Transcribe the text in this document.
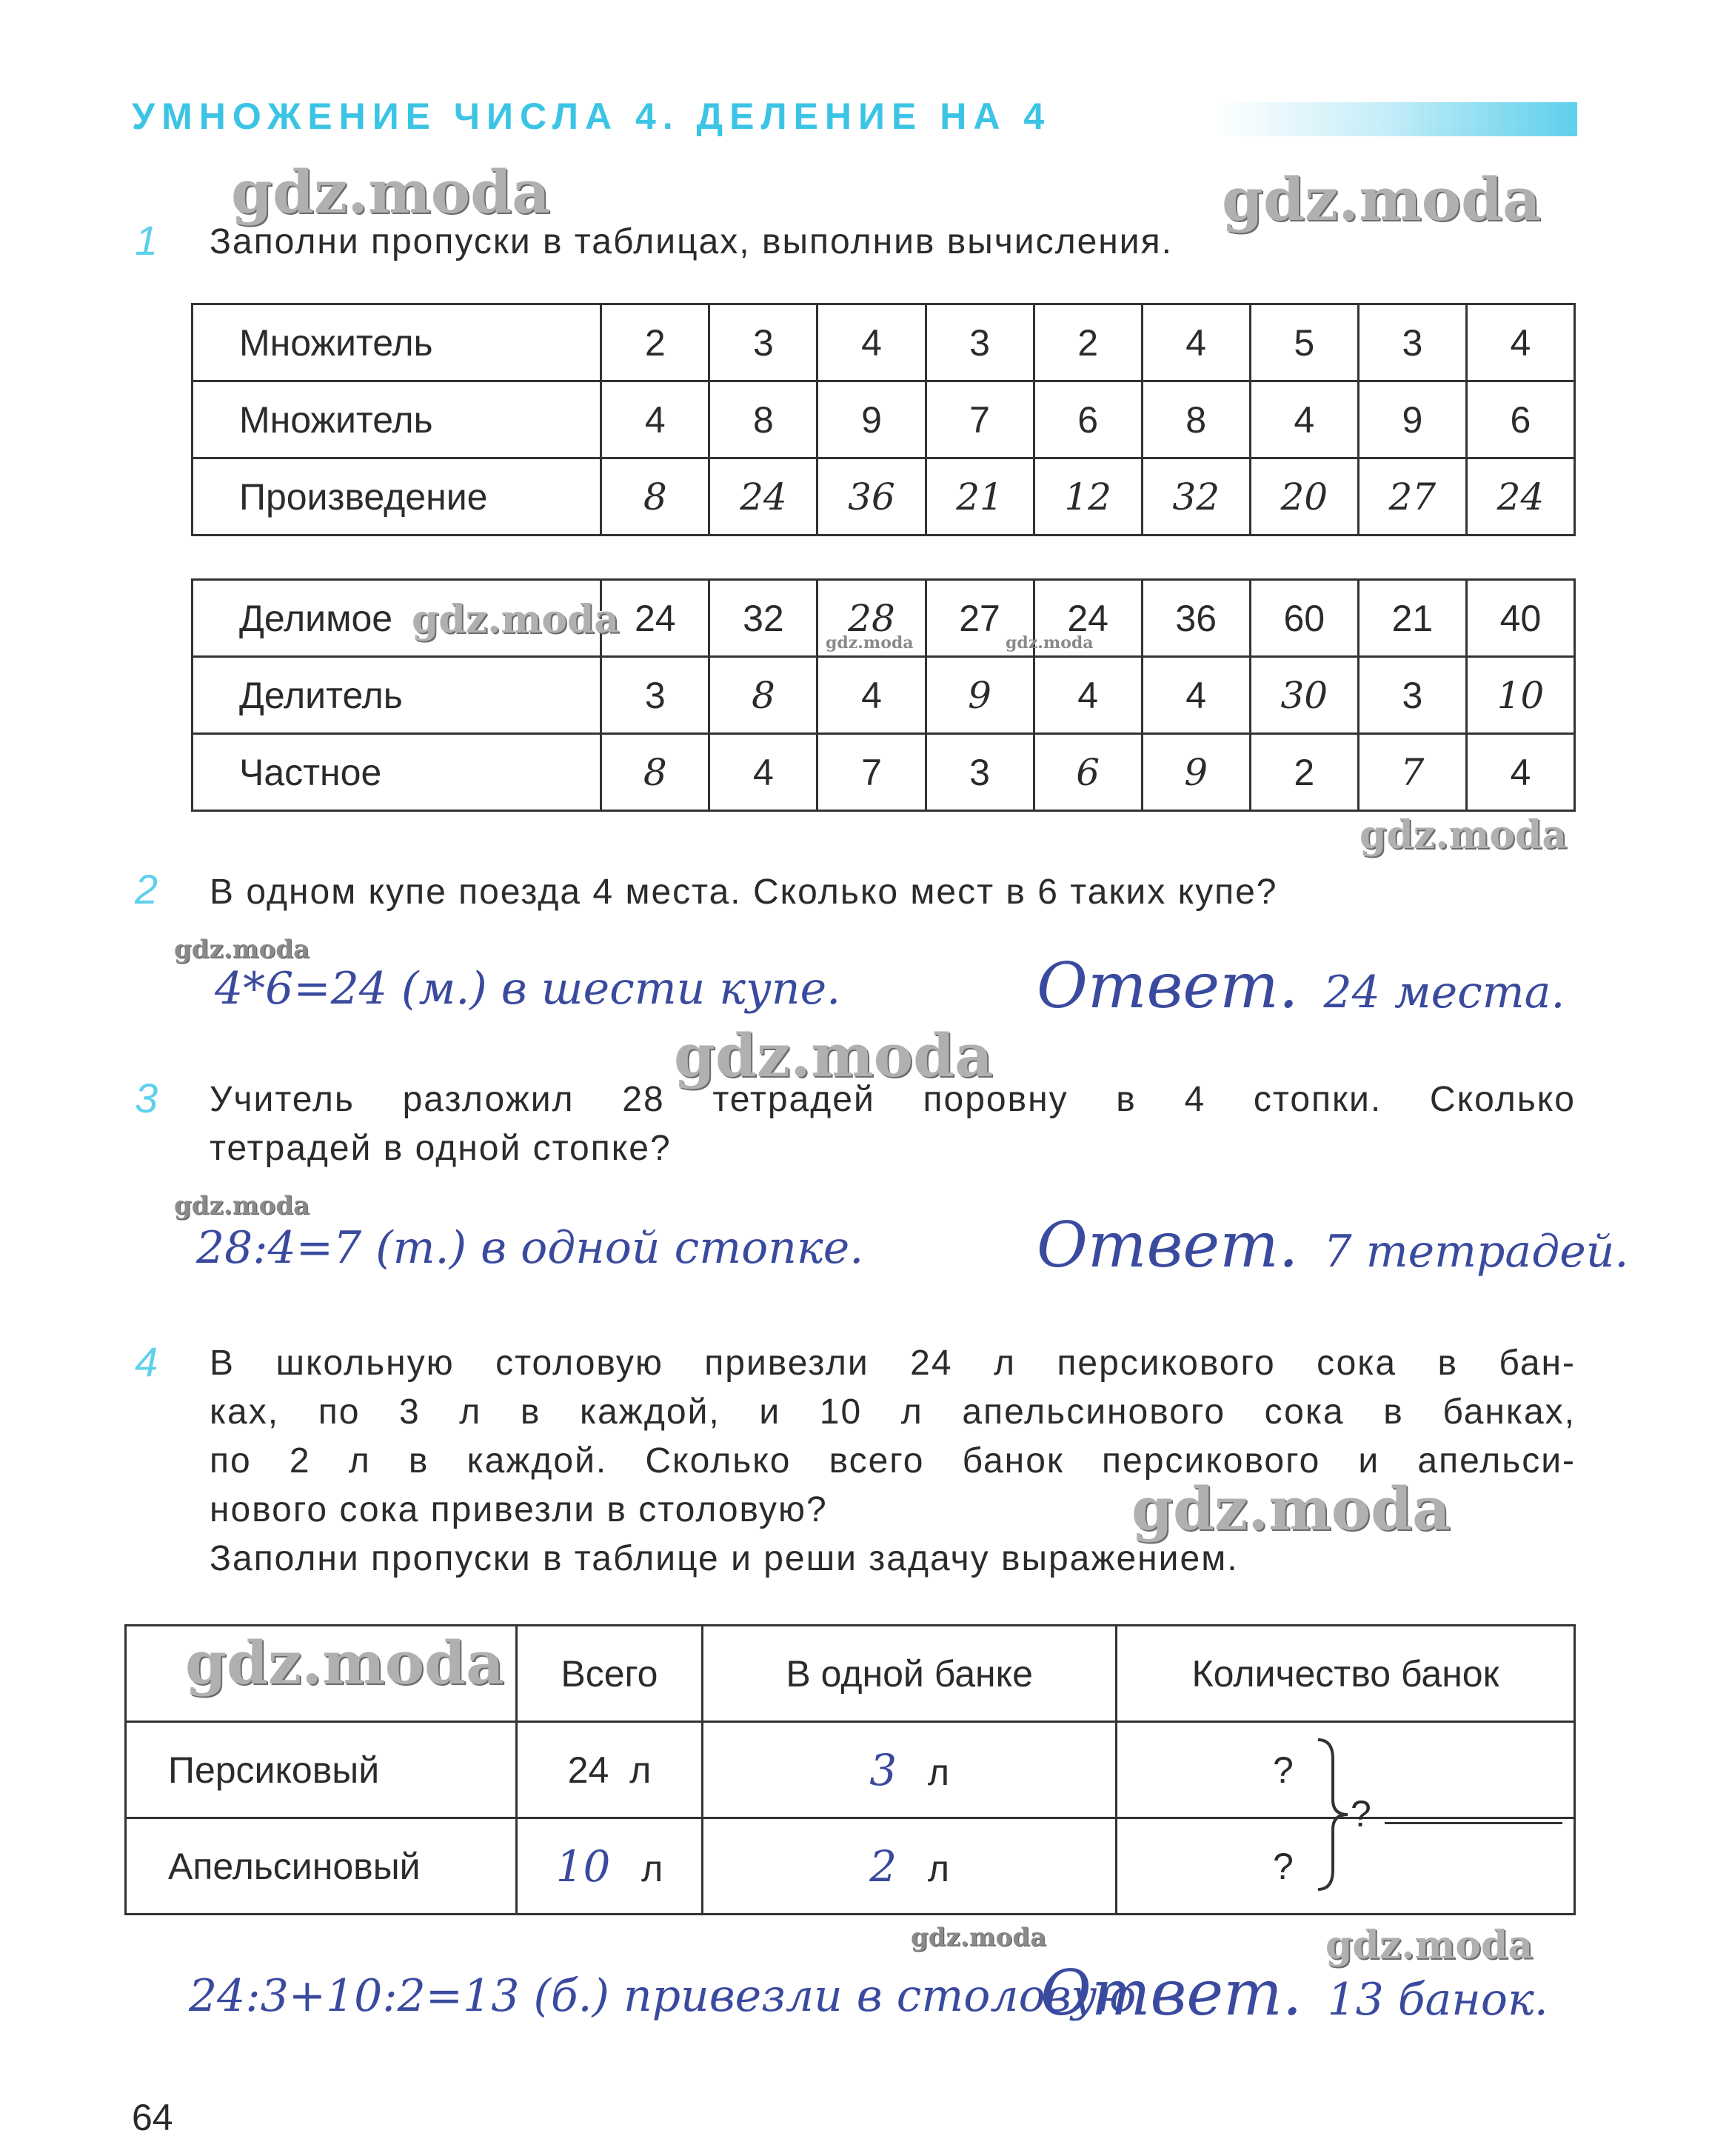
УМНОЖЕНИЕ ЧИСЛА 4. ДЕЛЕНИЕ НА 4
1 Заполни пропуски в таблицах, выполнив вычисления.
Множитель	2	3	4	3	2	4	5	3	4
Множитель	4	8	9	7	6	8	4	9	6
Произведение	8	24	36	21	12	32	20	27	24
Делимое	24	32	28	27	24	36	60	21	40
Делитель	3	8	4	9	4	4	30	3	10
Частное	8	4	7	3	6	9	2	7	4
2 В одном купе поезда 4 места. Сколько мест в 6 таких купе?
4*6=24 (м.) в шести купе.	Ответ. 24 места.
3 Учитель разложил 28 тетрадей поровну в 4 стопки. Сколько
тетрадей в одной стопке?
28:4=7 (т.) в одной стопке.	Ответ. 7 тетрадей.
4 В школьную столовую привезли 24 л персикового сока в бан-
ках, по 3 л в каждой, и 10 л апельсинового сока в банках,
по 2 л в каждой. Сколько всего банок персикового и апельси-
нового сока привезли в столовую?
Заполни пропуски в таблице и реши задачу выражением.
	Всего	В одной банке	Количество банок
Персиковый	24 л	3 л	?
Апельсиновый	10 л	2 л	?
?
24:3+10:2=13 (б.) привезли в столовую
Ответ. 13 банок.
64
gdz.moda	gdz.moda
gdz.moda
gdz.moda	gdz.moda
gdz.moda
gdz.moda
gdz.moda
gdz.moda
gdz.moda
gdz.moda
gdz.moda	gdz.moda
